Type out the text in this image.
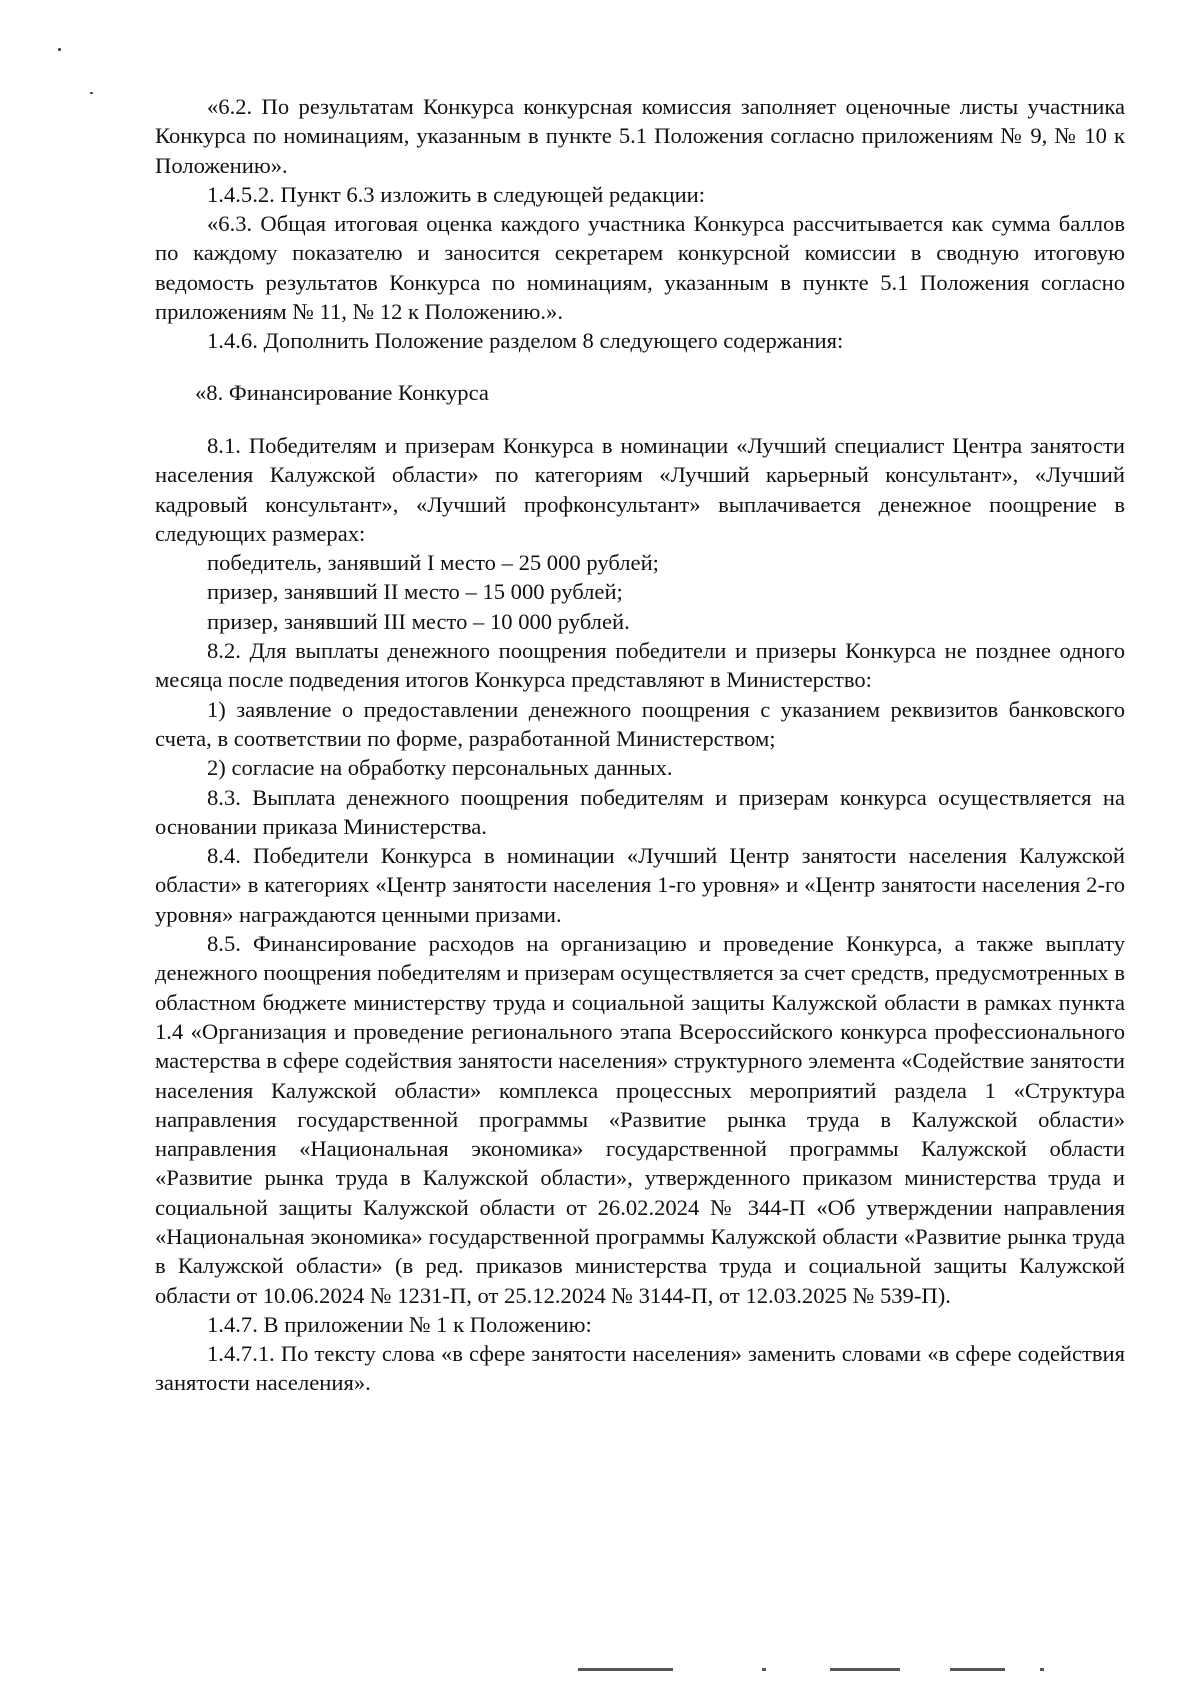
«6.2. По результатам Конкурса конкурсная комиссия заполняет оценочные листы участника Конкурса по номинациям, указанным в пункте 5.1 Положения согласно приложениям № 9, № 10 к Положению».

1.4.5.2. Пункт 6.3 изложить в следующей редакции:

«6.3. Общая итоговая оценка каждого участника Конкурса рассчитывается как сумма баллов по каждому показателю и заносится секретарем конкурсной комиссии в сводную итоговую ведомость результатов Конкурса по номинациям, указанным в пункте 5.1 Положения согласно приложениям № 11, № 12 к Положению.».

1.4.6. Дополнить Положение разделом 8 следующего содержания:

«8. Финансирование Конкурса

8.1. Победителям и призерам Конкурса в номинации «Лучший специалист Центра занятости населения Калужской области» по категориям «Лучший карьерный консультант», «Лучший кадровый консультант», «Лучший профконсультант» выплачивается денежное поощрение в следующих размерах:

победитель, занявший I место – 25 000 рублей;

призер, занявший II место – 15 000 рублей;

призер, занявший III место – 10 000 рублей.

8.2. Для выплаты денежного поощрения победители и призеры Конкурса не позднее одного месяца после подведения итогов Конкурса представляют в Министерство:

1) заявление о предоставлении денежного поощрения с указанием реквизитов банковского счета, в соответствии по форме, разработанной Министерством;

2) согласие на обработку персональных данных.

8.3. Выплата денежного поощрения победителям и призерам конкурса осуществляется на основании приказа Министерства.

8.4. Победители Конкурса в номинации «Лучший Центр занятости населения Калужской области» в категориях «Центр занятости населения 1-го уровня» и «Центр занятости населения 2-го уровня» награждаются ценными призами.

8.5. Финансирование расходов на организацию и проведение Конкурса, а также выплату денежного поощрения победителям и призерам осуществляется за счет средств, предусмотренных в областном бюджете министерству труда и социальной защиты Калужской области в рамках пункта 1.4 «Организация и проведение регионального этапа Всероссийского конкурса профессионального мастерства в сфере содействия занятости населения» структурного элемента «Содействие занятости населения Калужской области» комплекса процессных мероприятий раздела 1 «Структура направления государственной программы «Развитие рынка труда в Калужской области» направления «Национальная экономика» государственной программы Калужской области «Развитие рынка труда в Калужской области», утвержденного приказом министерства труда и социальной защиты Калужской области от 26.02.2024 № 344-П «Об утверждении направления «Национальная экономика» государственной программы Калужской области «Развитие рынка труда в Калужской области» (в ред. приказов министерства труда и социальной защиты Калужской области от 10.06.2024 № 1231-П, от 25.12.2024 № 3144-П, от 12.03.2025 № 539-П).

1.4.7. В приложении № 1 к Положению:

1.4.7.1. По тексту слова «в сфере занятости населения» заменить словами «в сфере содействия занятости населения».
